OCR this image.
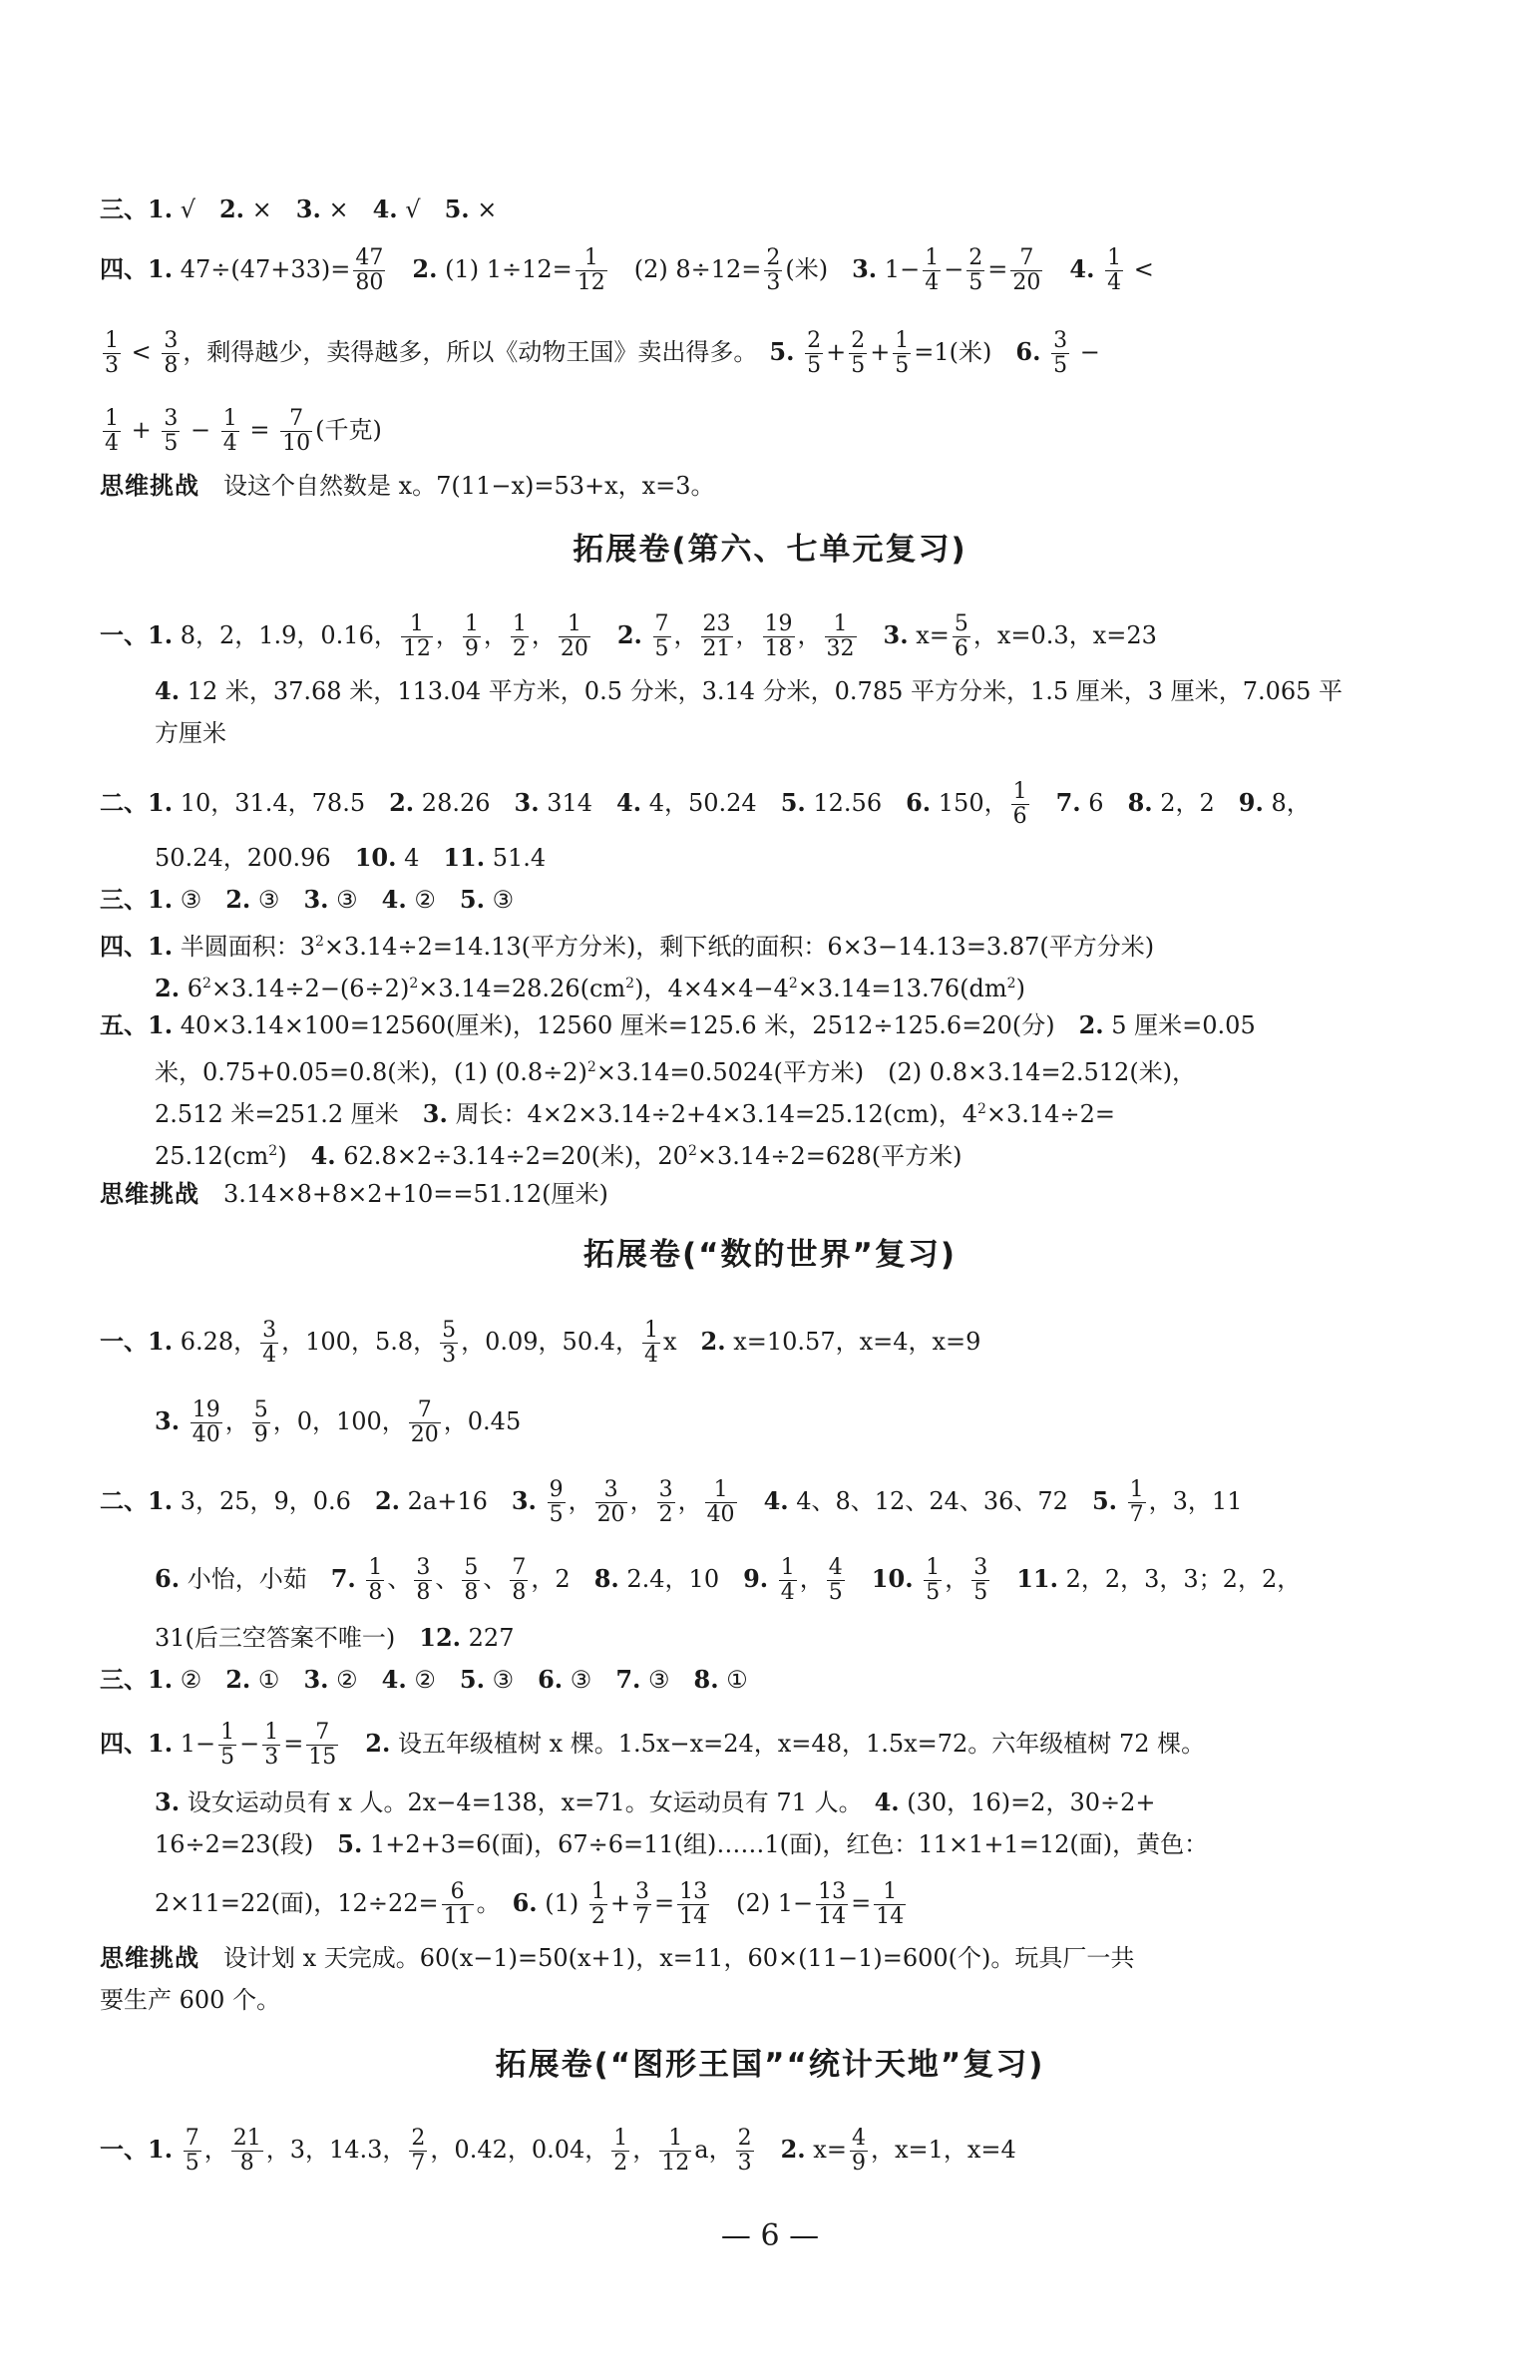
三、1. √　2. ×　3. ×　4. √　5. ×
四、1. $47\div(47+33)= \frac{47}{80}$
　 2. (1) $1\div 12= \frac{1}{12}$ 　(2) $8\div 12= \frac{2}{3}$ (米)　3. $1- \frac{1}{4} - \frac{2}{5} = \frac{7}{20}$
　 4. $\frac{1}{4}$ <
$\frac{1}{3} < \frac{3}{8}$ ，剩得越少，卖得越多，所以《动物王国》卖出得多。　5. $\frac{2}{5} + \frac{2}{5} + \frac{1}{5} =1$(米)　6. $\frac{3}{5}$ −
$\frac{1}{4} + \frac{3}{5} - \frac{1}{4} = \frac{7}{10}$ (千克)
思维挑战　设这个自然数是 x。7(11−x)=53+x，x=3。
拓展卷(第六、七单元复习)
一、1. 8，2，1.9，0.16， $\frac{1}{12}$ ， $\frac{1}{9}$ ， $\frac{1}{2}$ ， $\frac{1}{20}$
　 2. $\frac{7}{5}$ ， $\frac{23}{21}$ ， $\frac{19}{18}$ ， $\frac{1}{32}$
　 3. $x= \frac{5}{6}$ ，x=0.3，x=23
4. 12 米，37.68 米，113.04 平方米，0.5 分米，3.14 分米，0.785 平方分米，1.5 厘米，3 厘米，7.065 平
方厘米
二、1. 10，31.4，78.5　2. 28.26　3. 314　4. 4，50.24　5. 12.56　6. 150， $\frac{1}{6}$
　 7. 6　8. 2，2　9. 8，
50.24，200.96　10. 4　11. 51.4
三、1. ③　2. ③　3. ③　4. ②　5. ③
四、1. 半圆面积：$3^2\times 3.14\div 2=14.13$(平方分米)，剩下纸的面积：6×3−14.13=3.87(平方分米)
2. $6^2\times 3.14\div 2-(6\div 2)^2\times 3.14=28.26(cm^2)$，$4\times 4\times 4-4^2\times 3.14=13.76(dm^2)$
五、1. 40×3.14×100=12560(厘米)，12560 厘米=125.6 米，2512÷125.6=20(分)　2. 5 厘米=0.05
米，0.75+0.05=0.8(米)，(1) $(0.8\div 2)^2\times 3.14=0.5024$(平方米)　(2) 0.8×3.14=2.512(米)，
2.512 米=251.2 厘米　3. 周长：4×2×3.14÷2+4×3.14=25.12(cm)，$4^2\times 3.14\div 2=$
$25.12(cm^2)$　4. 62.8×2÷3.14÷2=20(米)，$20^2\times 3.14\div 2=628$(平方米)
思维挑战　3.14×8+8×2+10==51.12(厘米)
拓展卷(“数的世界”复习)
一、1. 6.28， $\frac{3}{4}$ ，100，5.8， $\frac{5}{3}$ ，0.09，50.4， $\frac{1}{4}$ x　2. x=10.57，x=4，x=9
3. $\frac{19}{40}$ ， $\frac{5}{9}$ ，0，100， $\frac{7}{20}$ ，0.45
二、1. 3，25，9，0.6　2. 2a+16　3. $\frac{9}{5}$ ， $\frac{3}{20}$ ， $\frac{3}{2}$ ， $\frac{1}{40}$
　 4. 4、8、12、24、36、72　5. $\frac{1}{7}$ ，3，11
6. 小怡，小茹　7. $\frac{1}{8}$ 、 $\frac{3}{8}$ 、 $\frac{5}{8}$ 、 $\frac{7}{8}$ ，2　8. 2.4，10　9. $\frac{1}{4}$ ， $\frac{4}{5}$
　 10. $\frac{1}{5}$ ， $\frac{3}{5}$
　 11. 2，2，3，3；2，2，
31(后三空答案不唯一)　12. 227
三、1. ②　2. ①　3. ②　4. ②　5. ③　6. ③　7. ③　8. ①
四、1. $1- \frac{1}{5} - \frac{1}{3} = \frac{7}{15}$
　 2. 设五年级植树 x 棵。1.5x−x=24，x=48，1.5x=72。六年级植树 72 棵。
3. 设女运动员有 x 人。2x−4=138，x=71。女运动员有 71 人。　4. (30，16)=2，30÷2+
16÷2=23(段)　5. 1+2+3=6(面)，67÷6=11(组)……1(面)，红色：11×1+1=12(面)，黄色：
2×11=22(面)，$12\div 22= \frac{6}{11}$ 。　6. $(1) \frac{1}{2} + \frac{3}{7} = \frac{13}{14}$ 　(2) $1- \frac{13}{14} = \frac{1}{14}$
思维挑战　设计划 x 天完成。60(x−1)=50(x+1)，x=11，60×(11−1)=600(个)。玩具厂一共
要生产 600 个。
拓展卷(“图形王国”“统计天地”复习)
一、1. $\frac{7}{5}$ ， $\frac{21}{8}$ ，3，14.3， $\frac{2}{7}$ ，0.42，0.04， $\frac{1}{2}$ ， $\frac{1}{12}$ a， $\frac{2}{3}$
　 2. $x= \frac{4}{9}$ ，x=1，x=4
— 6 —
